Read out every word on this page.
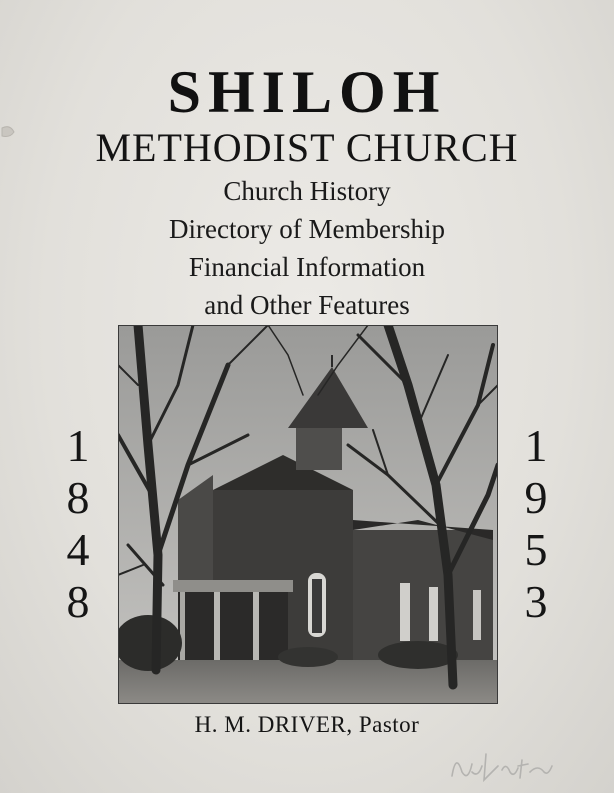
SHILOH
METHODIST CHURCH
Church History
Directory of Membership
Financial Information
and Other Features
1
8
4
8
1
9
5
3
H. M. DRIVER, Pastor
